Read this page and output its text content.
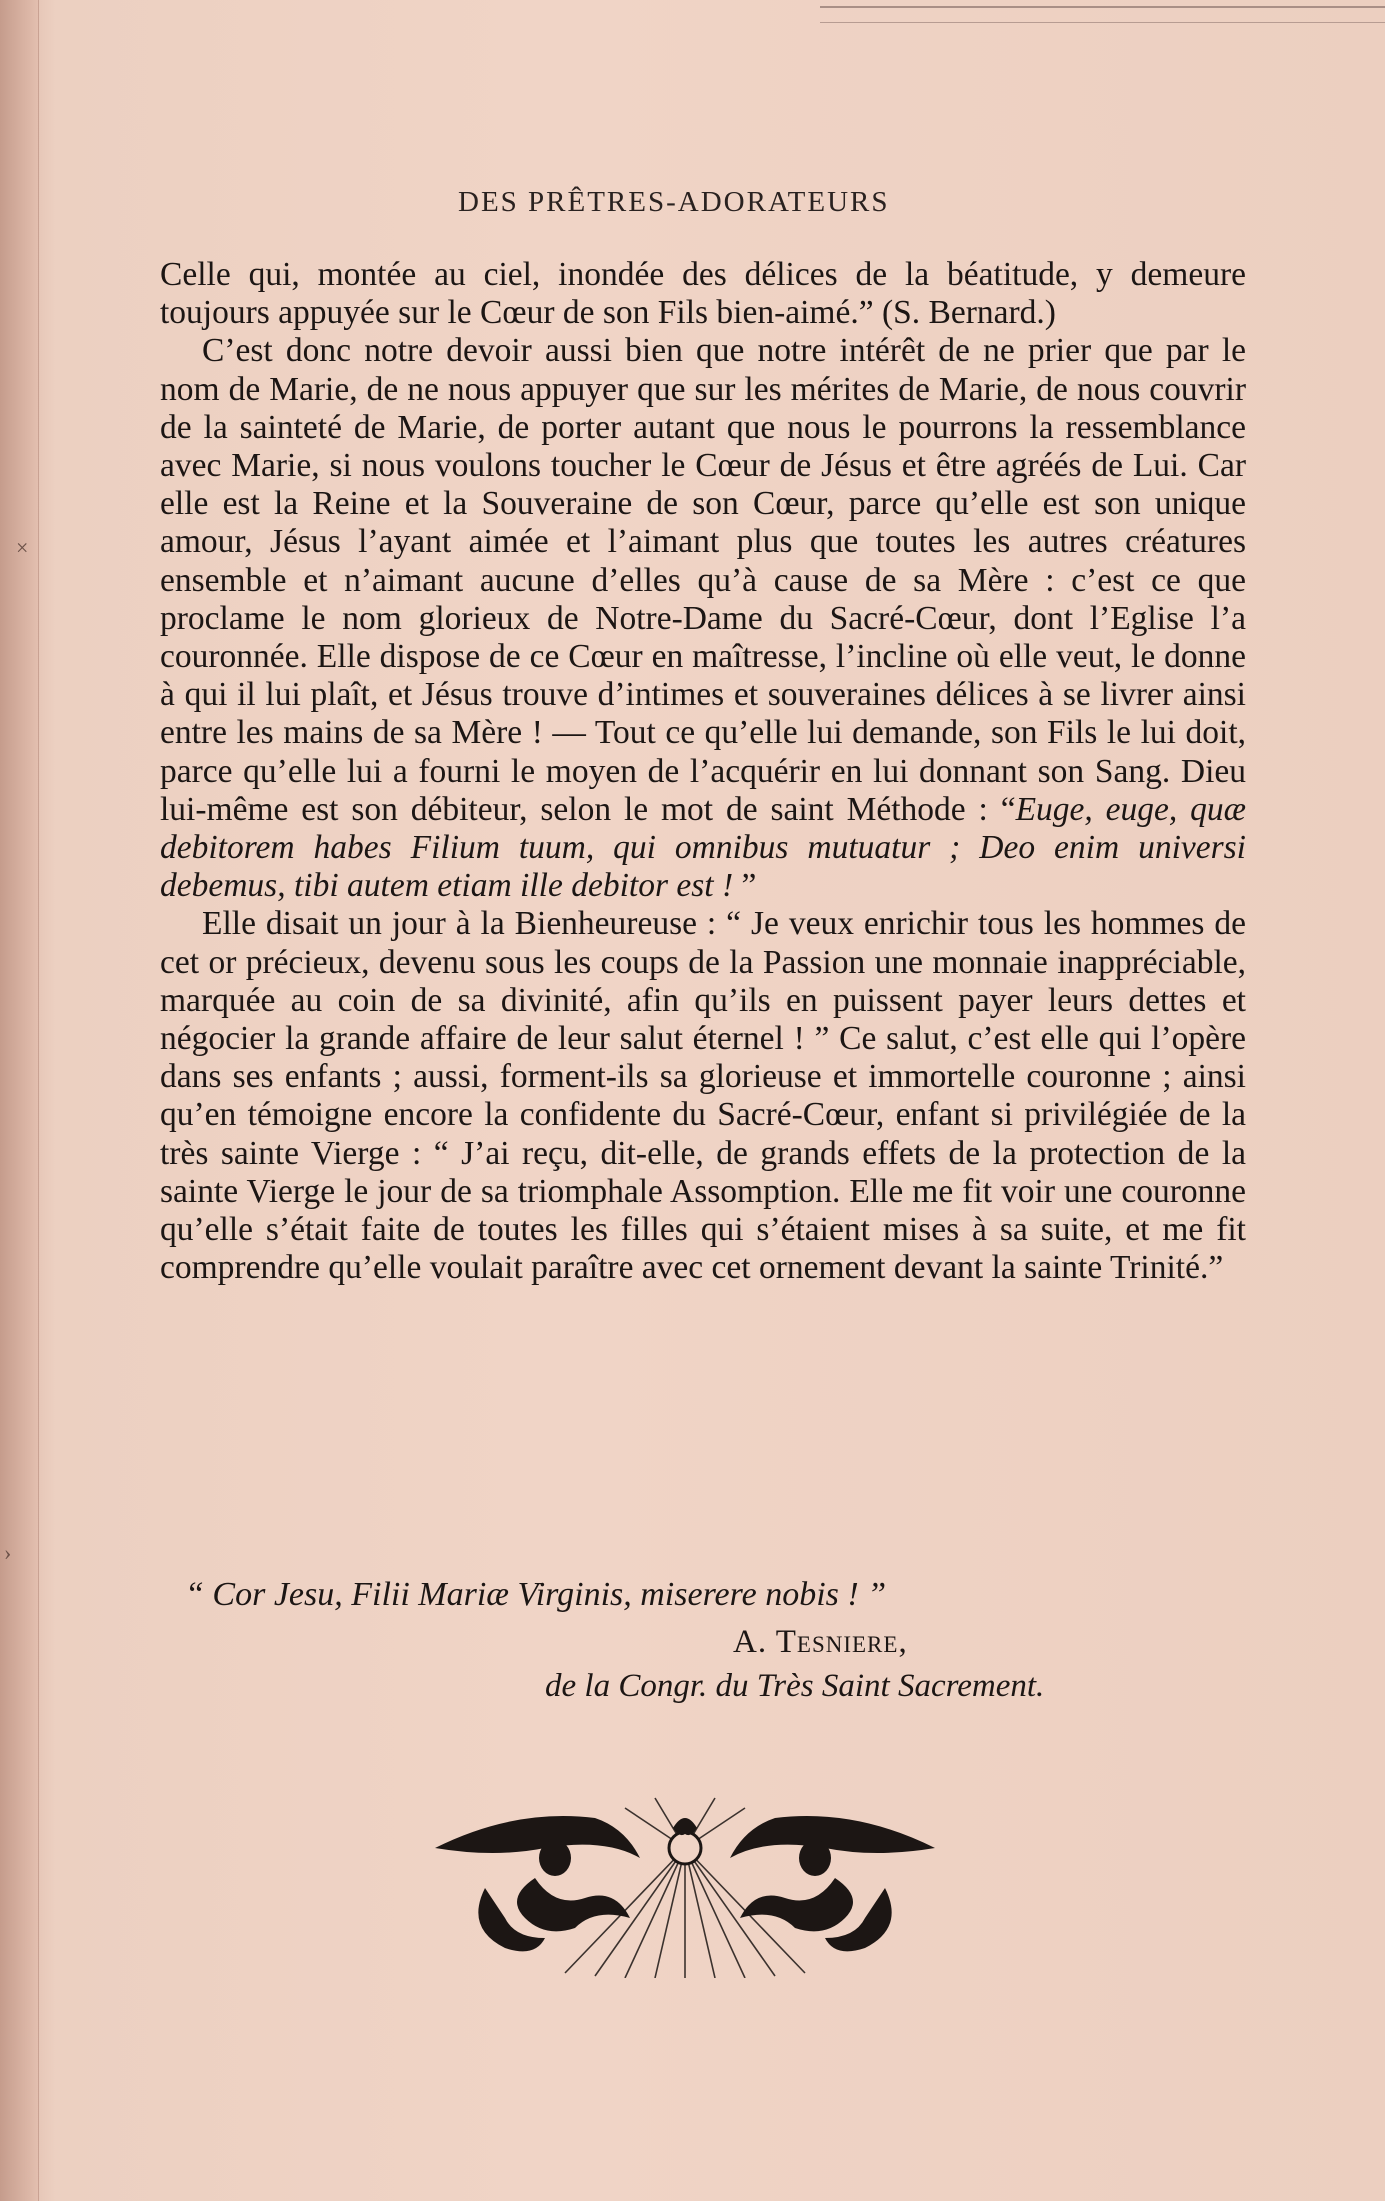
×
›
DES PRÊTRES-ADORATEURS

Celle qui, montée au ciel, inondée des délices de la béatitude, y demeure toujours appuyée sur le Cœur de son Fils bien-aimé.” (S. Bernard.)

C’est donc notre devoir aussi bien que notre intérêt de ne prier que par le nom de Marie, de ne nous appuyer que sur les mérites de Marie, de nous couvrir de la sainteté de Marie, de porter autant que nous le pourrons la ressemblance avec Marie, si nous voulons toucher le Cœur de Jésus et être agréés de Lui. Car elle est la Reine et la Souveraine de son Cœur, parce qu’elle est son unique amour, Jésus l’ayant aimée et l’aimant plus que toutes les autres créatures ensemble et n’aimant aucune d’elles qu’à cause de sa Mère : c’est ce que proclame le nom glorieux de Notre-Dame du Sacré-Cœur, dont l’Eglise l’a couronnée. Elle dispose de ce Cœur en maîtresse, l’incline où elle veut, le donne à qui il lui plaît, et Jésus trouve d’intimes et souveraines délices à se livrer ainsi entre les mains de sa Mère ! — Tout ce qu’elle lui demande, son Fils le lui doit, parce qu’elle lui a fourni le moyen de l’acquérir en lui donnant son Sang. Dieu lui-même est son débiteur, selon le mot de saint Méthode : “Euge, euge, quæ debitorem habes Filium tuum, qui omnibus mutuatur ; Deo enim universi debemus, tibi autem etiam ille debitor est ! ”

Elle disait un jour à la Bienheureuse : “ Je veux enrichir tous les hommes de cet or précieux, devenu sous les coups de la Passion une monnaie inappréciable, marquée au coin de sa divinité, afin qu’ils en puissent payer leurs dettes et négocier la grande affaire de leur salut éternel ! ” Ce salut, c’est elle qui l’opère dans ses enfants ; aussi, forment-ils sa glorieuse et immortelle couronne ; ainsi qu’en témoigne encore la confidente du Sacré-Cœur, enfant si privilégiée de la très sainte Vierge : “ J’ai reçu, dit-elle, de grands effets de la protection de la sainte Vierge le jour de sa triomphale Assomption. Elle me fit voir une couronne qu’elle s’était faite de toutes les filles qui s’étaient mises à sa suite, et me fit comprendre qu’elle voulait paraître avec cet ornement devant la sainte Trinité.”

“ Cor Jesu, Filii Mariæ Virginis, miserere nobis ! ”
A. Tesniere,
de la Congr. du Très Saint Sacrement.
